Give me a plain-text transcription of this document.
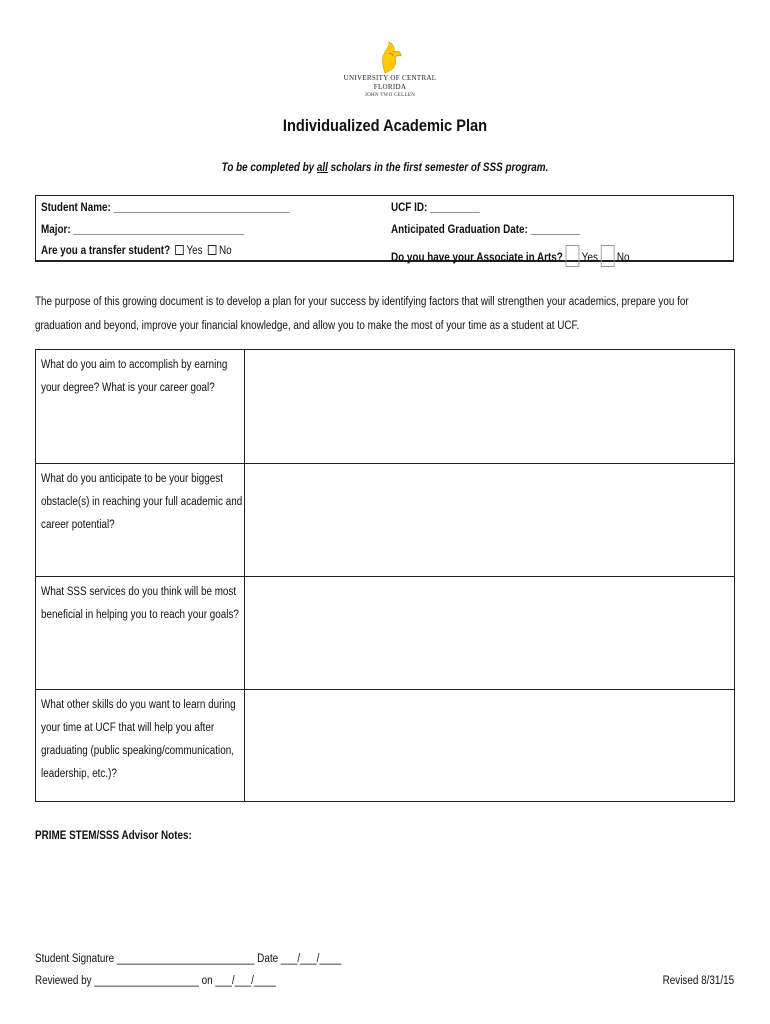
UNIVERSITY OF CENTRAL FLORIDA
JOHN TWO CELLEN
Individualized Academic Plan
To be completed by all scholars in the first semester of SSS program.
Student Name: ________________________________
Major: _______________________________
Are you a transfer student? Yes No
UCF ID: _________
Anticipated Graduation Date: _________
Do you have your Associate in Arts? Yes No
The purpose of this growing document is to develop a plan for your success by identifying factors that will strengthen your academics, prepare you for
graduation and beyond, improve your financial knowledge, and allow you to make the most of your time as a student at UCF.
What do you aim to accomplish by earning
your degree? What is your career goal?
What do you anticipate to be your biggest
obstacle(s) in reaching your full academic and
career potential?
What SSS services do you think will be most
beneficial in helping you to reach your goals?
What other skills do you want to learn during
your time at UCF that will help you after
graduating (public speaking/communication,
leadership, etc.)?
PRIME STEM/SSS Advisor Notes:
Student Signature _________________________ Date ___/___/____
Reviewed by ___________________ on ___/___/____	Revised 8/31/15
